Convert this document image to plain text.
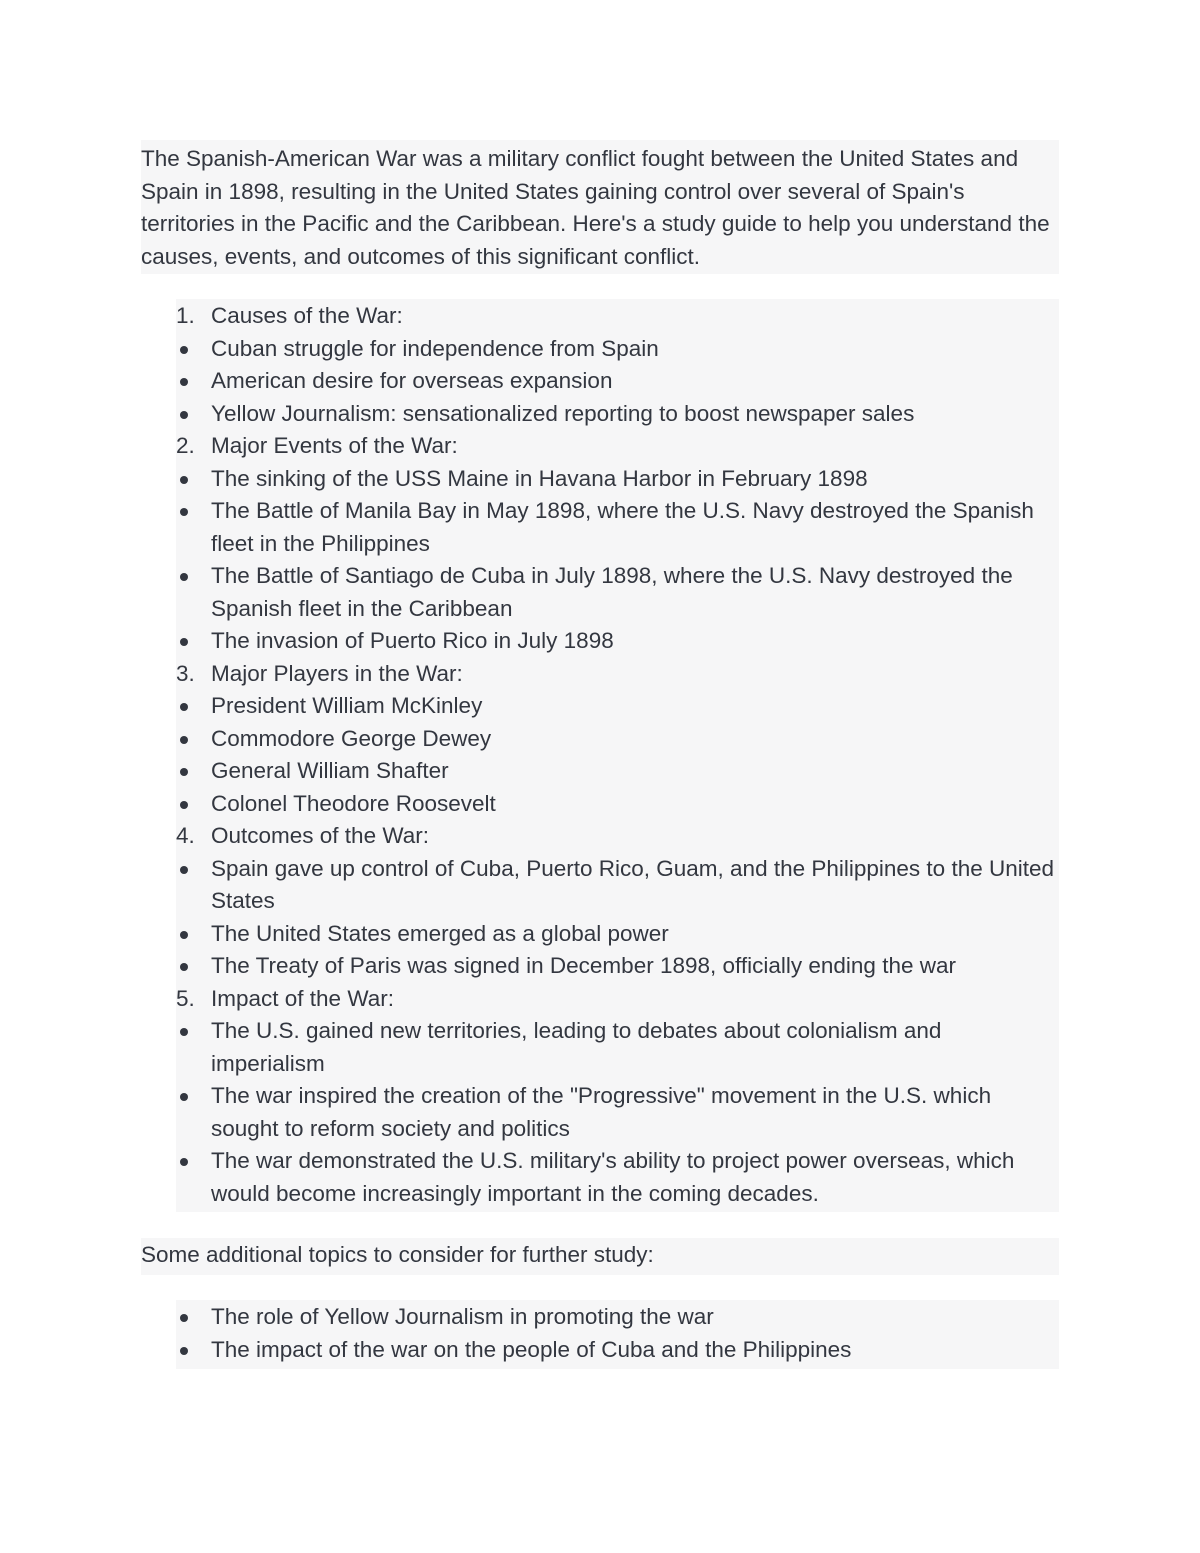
The Spanish-American War was a military conflict fought between the United States and Spain in 1898, resulting in the United States gaining control over several of Spain's territories in the Pacific and the Caribbean. Here's a study guide to help you understand the causes, events, and outcomes of this significant conflict.

1. Causes of the War:
Cuban struggle for independence from Spain
American desire for overseas expansion
Yellow Journalism: sensationalized reporting to boost newspaper sales
2. Major Events of the War:
The sinking of the USS Maine in Havana Harbor in February 1898
The Battle of Manila Bay in May 1898, where the U.S. Navy destroyed the Spanish fleet in the Philippines
The Battle of Santiago de Cuba in July 1898, where the U.S. Navy destroyed the Spanish fleet in the Caribbean
The invasion of Puerto Rico in July 1898
3. Major Players in the War:
President William McKinley
Commodore George Dewey
General William Shafter
Colonel Theodore Roosevelt
4. Outcomes of the War:
Spain gave up control of Cuba, Puerto Rico, Guam, and the Philippines to the United States
The United States emerged as a global power
The Treaty of Paris was signed in December 1898, officially ending the war
5. Impact of the War:
The U.S. gained new territories, leading to debates about colonialism and imperialism
The war inspired the creation of the "Progressive" movement in the U.S. which sought to reform society and politics
The war demonstrated the U.S. military's ability to project power overseas, which would become increasingly important in the coming decades.

Some additional topics to consider for further study:

The role of Yellow Journalism in promoting the war
The impact of the war on the people of Cuba and the Philippines
